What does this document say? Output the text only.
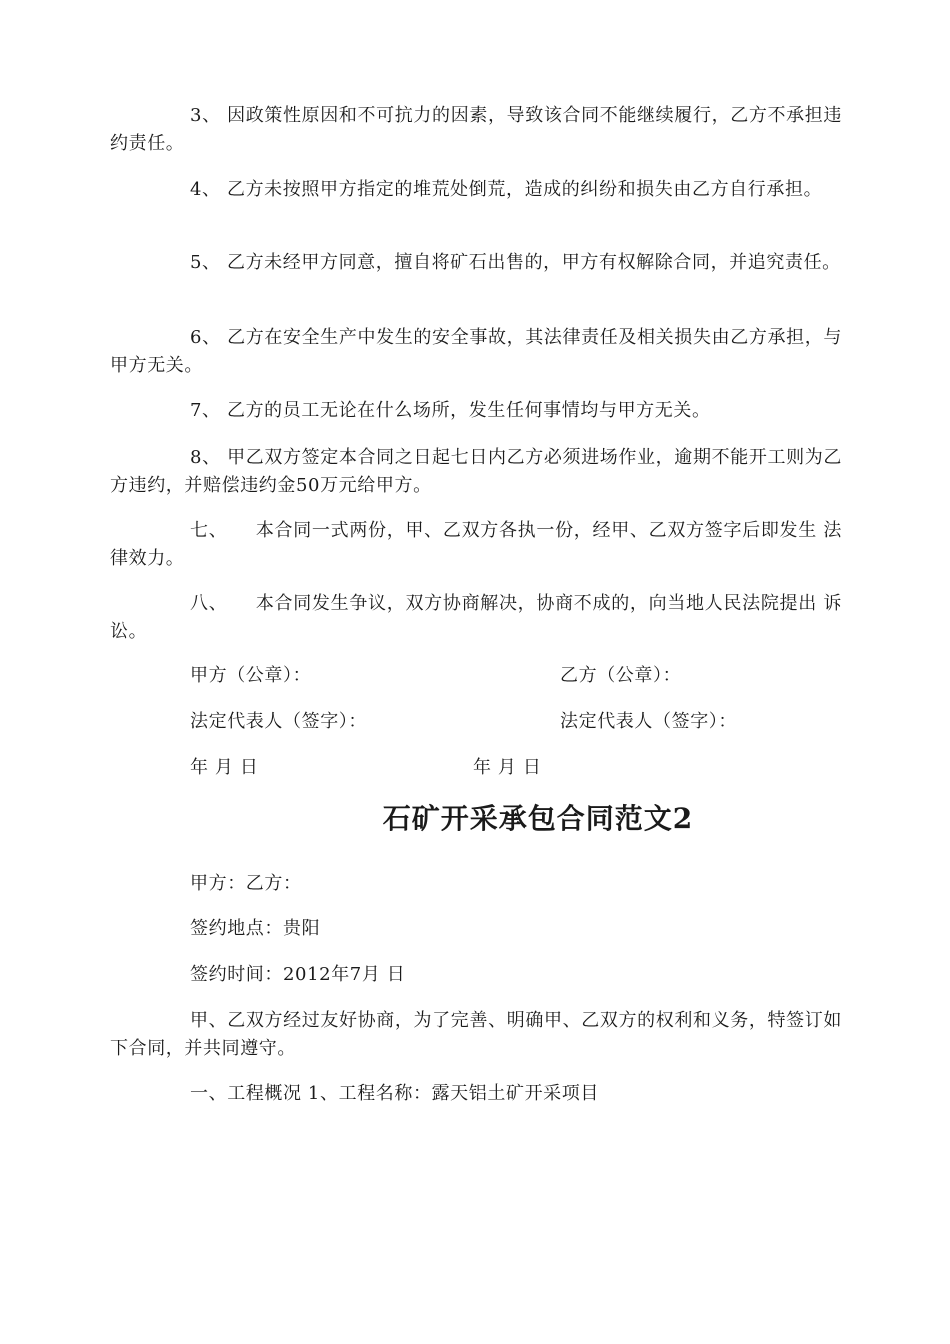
3、 因政策性原因和不可抗力的因素，导致该合同不能继续履行，乙方不承担违约责任。

4、 乙方未按照甲方指定的堆荒处倒荒，造成的纠纷和损失由乙方自行承担。

5、 乙方未经甲方同意，擅自将矿石出售的，甲方有权解除合同，并追究责任。

6、 乙方在安全生产中发生的安全事故，其法律责任及相关损失由乙方承担，与甲方无关。

7、 乙方的员工无论在什么场所，发生任何事情均与甲方无关。

8、 甲乙双方签定本合同之日起七日内乙方必须进场作业，逾期不能开工则为乙方违约，并赔偿违约金50万元给甲方。

七、　　本合同一式两份，甲、乙双方各执一份，经甲、乙双方签字后即发生 法律效力。

八、　　本合同发生争议，双方协商解决，协商不成的，向当地人民法院提出 诉讼。

甲方（公章）：	乙方（公章）：

法定代表人（签字）：	法定代表人（签字）：

年 月 日	年 月 日

石矿开采承包合同范文2

甲方：乙方：

签约地点：贵阳

签约时间：2012年7月 日

甲、乙双方经过友好协商，为了完善、明确甲、乙双方的权利和义务，特签订如下合同，并共同遵守。

一、工程概况 1、工程名称：露天铝土矿开采项目
